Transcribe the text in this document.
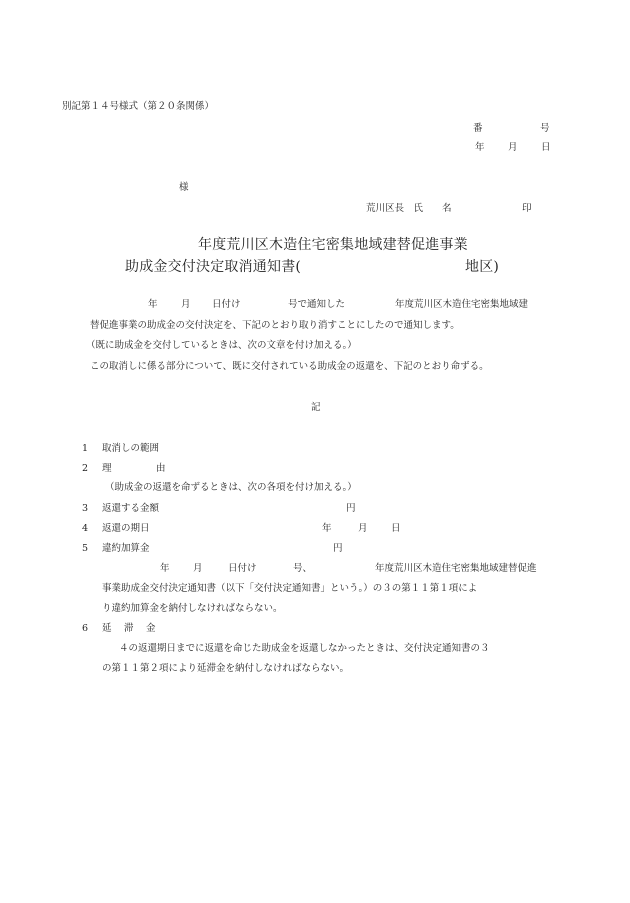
別記第１４号様式（第２０条関係）
番	号
年 月 日
様
荒川区長　氏　　名	印
年度荒川区木造住宅密集地域建替促進事業
助成金交付決定取消通知書(	地区)
年 月 日付け	号で通知した	年度荒川区木造住宅密集地域建
替促進事業の助成金の交付決定を、下記のとおり取り消すことにしたので通知します。
（既に助成金を交付しているときは、次の文章を付け加える。）
この取消しに係る部分について、既に交付されている助成金の返還を、下記のとおり命ずる。
記
1 取消しの範囲
2 理	由
（助成金の返還を命ずるときは、次の各項を付け加える。）
3 返還する金額	円
4 返還の期日	年	月 日
5 違約加算金	円
年 月	日付け	号、	年度荒川区木造住宅密集地域建替促進
事業助成金交付決定通知書（以下「交付決定通知書」という。）の３の第１１第１項によ
り違約加算金を納付しなければならない。
6 延 滞 金
４の返還期日までに返還を命じた助成金を返還しなかったときは、交付決定通知書の３
の第１１第２項により延滞金を納付しなければならない。
